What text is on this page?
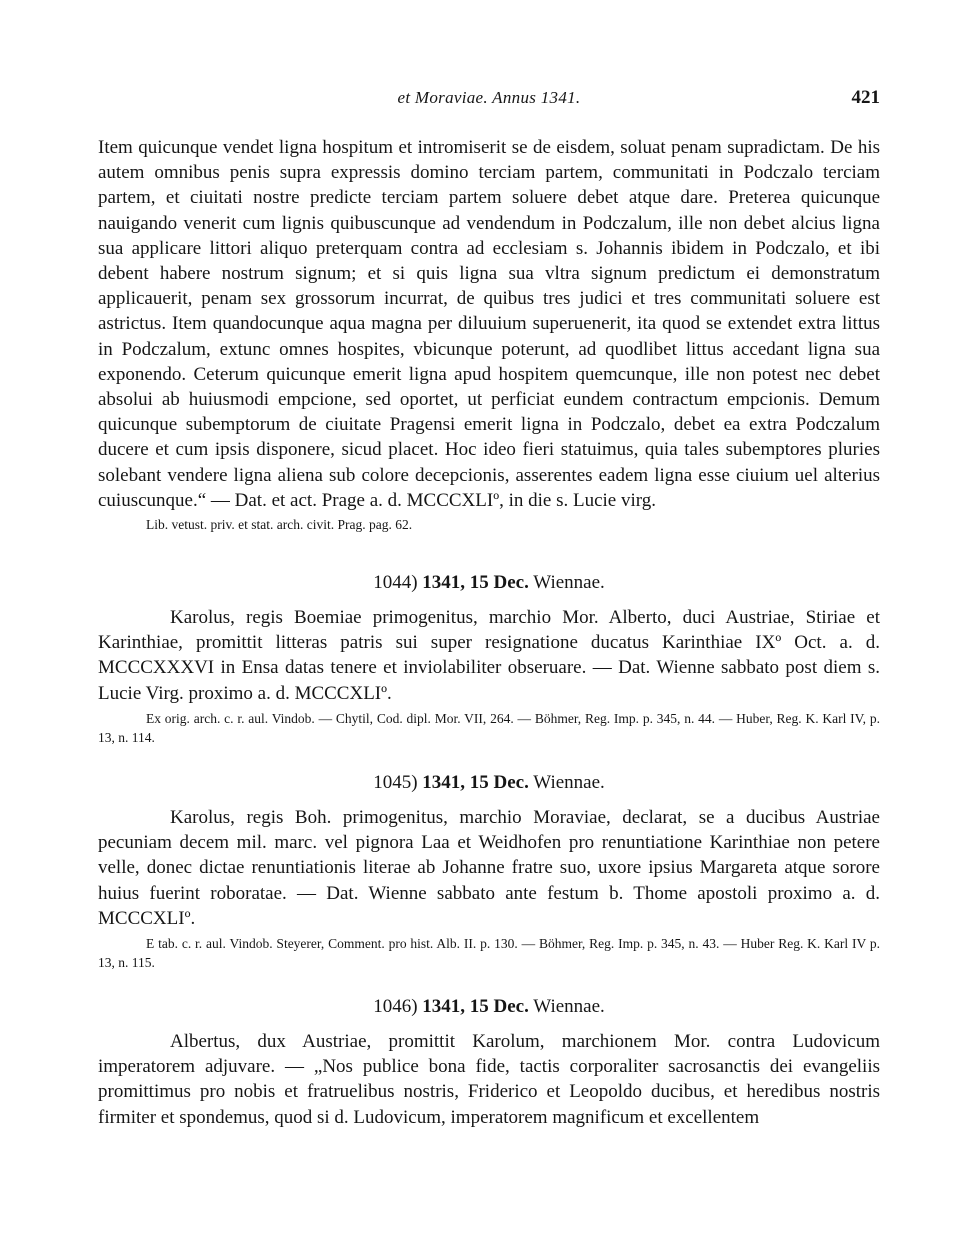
et Moraviae. Annus 1341.	421

Item quicunque vendet ligna hospitum et intromiserit se de eisdem, soluat penam supradictam. De his autem omnibus penis supra expressis domino terciam partem, communitati in Podczalo terciam partem, et ciuitati nostre predicte terciam partem soluere debet atque dare. Preterea quicunque nauigando venerit cum lignis quibuscunque ad vendendum in Podczalum, ille non debet alcius ligna sua applicare littori aliquo preterquam contra ad ecclesiam s. Johannis ibidem in Podczalo, et ibi debent habere nostrum signum; et si quis ligna sua vltra signum predictum ei demonstratum applicauerit, penam sex grossorum incurrat, de quibus tres judici et tres communitati soluere est astrictus. Item quandocunque aqua magna per diluuium superuenerit, ita quod se extendet extra littus in Podczalum, extunc omnes hospites, vbicunque poterunt, ad quodlibet littus accedant ligna sua exponendo. Ceterum quicunque emerit ligna apud hospitem quemcunque, ille non potest nec debet absolui ab huiusmodi empcione, sed oportet, ut perficiat eundem contractum empcionis. Demum quicunque subemptorum de ciuitate Pragensi emerit ligna in Podczalo, debet ea extra Podczalum ducere et cum ipsis disponere, sicud placet. Hoc ideo fieri statuimus, quia tales subemptores pluries solebant vendere ligna aliena sub colore decepcionis, asserentes eadem ligna esse ciuium uel alterius cuiuscunque.“ — Dat. et act. Prage a. d. MCCCXLIº, in die s. Lucie virg.

Lib. vetust. priv. et stat. arch. civit. Prag. pag. 62.

1044) 1341, 15 Dec. Wiennae.

Karolus, regis Boemiae primogenitus, marchio Mor. Alberto, duci Austriae, Stiriae et Karinthiae, promittit litteras patris sui super resignatione ducatus Karinthiae IXº Oct. a. d. MCCCXXXVI in Ensa datas tenere et inviolabiliter obseruare. — Dat. Wienne sabbato post diem s. Lucie Virg. proximo a. d. MCCCXLIº.

Ex orig. arch. c. r. aul. Vindob. — Chytil, Cod. dipl. Mor. VII, 264. — Böhmer, Reg. Imp. p. 345, n. 44. — Huber, Reg. K. Karl IV, p. 13, n. 114.

1045) 1341, 15 Dec. Wiennae.

Karolus, regis Boh. primogenitus, marchio Moraviae, declarat, se a ducibus Austriae pecuniam decem mil. marc. vel pignora Laa et Weidhofen pro renuntiatione Karinthiae non petere velle, donec dictae renuntiationis literae ab Johanne fratre suo, uxore ipsius Margareta atque sorore huius fuerint roboratae. — Dat. Wienne sabbato ante festum b. Thome apostoli proximo a. d. MCCCXLIº.

E tab. c. r. aul. Vindob. Steyerer, Comment. pro hist. Alb. II. p. 130. — Böhmer, Reg. Imp. p. 345, n. 43. — Huber Reg. K. Karl IV p. 13, n. 115.

1046) 1341, 15 Dec. Wiennae.

Albertus, dux Austriae, promittit Karolum, marchionem Mor. contra Ludovicum imperatorem adjuvare. — „Nos publice bona fide, tactis corporaliter sacrosanctis dei evangeliis promittimus pro nobis et fratruelibus nostris, Friderico et Leopoldo ducibus, et heredibus nostris firmiter et spondemus, quod si d. Ludovicum, imperatorem magnificum et excellentem
